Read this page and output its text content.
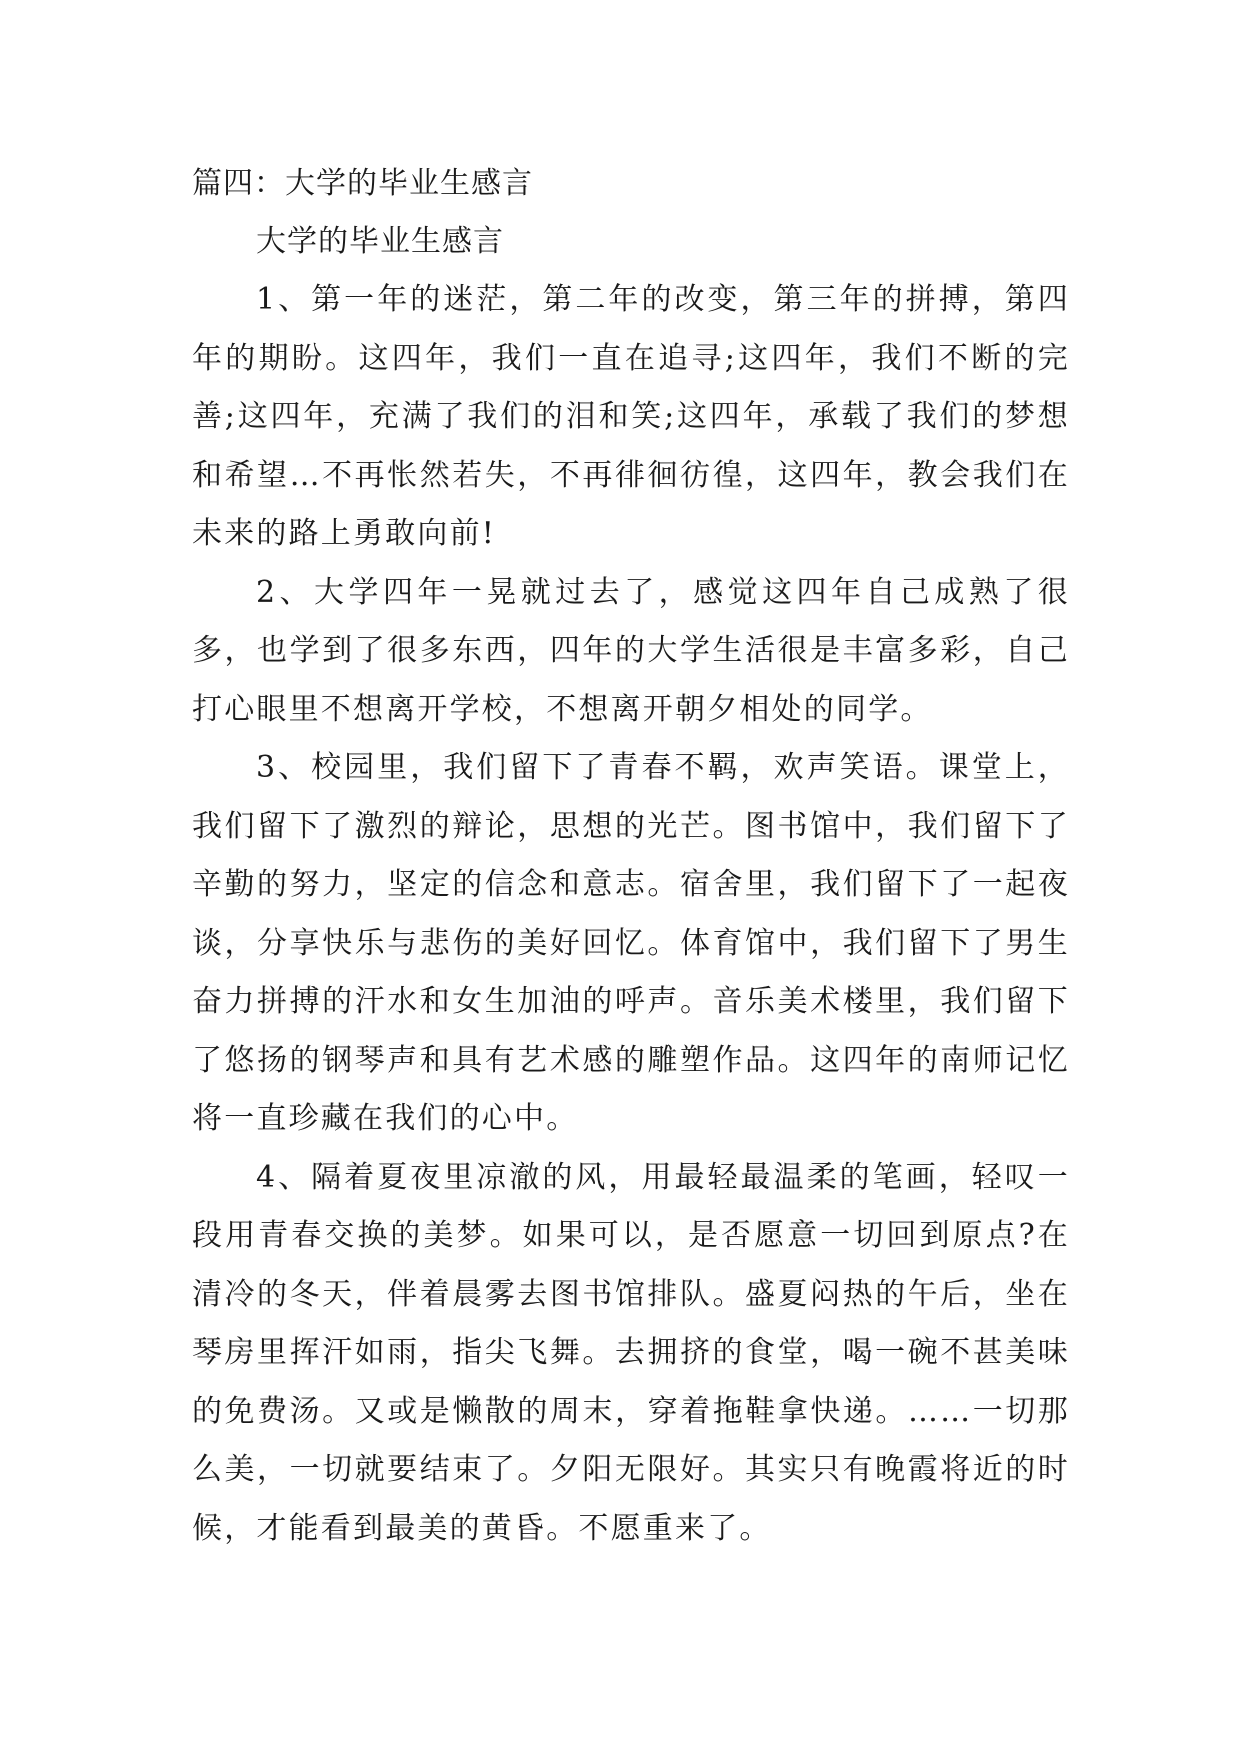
篇四：大学的毕业生感言

大学的毕业生感言

1、第一年的迷茫，第二年的改变，第三年的拼搏，第四年的期盼。这四年，我们一直在追寻;这四年，我们不断的完善;这四年，充满了我们的泪和笑;这四年，承载了我们的梦想和希望…不再怅然若失，不再徘徊彷徨，这四年，教会我们在未来的路上勇敢向前!

2、大学四年一晃就过去了，感觉这四年自己成熟了很多，也学到了很多东西，四年的大学生活很是丰富多彩，自己打心眼里不想离开学校，不想离开朝夕相处的同学。

3、校园里，我们留下了青春不羁，欢声笑语。课堂上，我们留下了激烈的辩论，思想的光芒。图书馆中，我们留下了辛勤的努力，坚定的信念和意志。宿舍里，我们留下了一起夜谈，分享快乐与悲伤的美好回忆。体育馆中，我们留下了男生奋力拼搏的汗水和女生加油的呼声。音乐美术楼里，我们留下了悠扬的钢琴声和具有艺术感的雕塑作品。这四年的南师记忆将一直珍藏在我们的心中。

4、隔着夏夜里凉澈的风，用最轻最温柔的笔画，轻叹一段用青春交换的美梦。如果可以，是否愿意一切回到原点?在清冷的冬天，伴着晨雾去图书馆排队。盛夏闷热的午后，坐在琴房里挥汗如雨，指尖飞舞。去拥挤的食堂，喝一碗不甚美味的免费汤。又或是懒散的周末，穿着拖鞋拿快递。……一切那么美，一切就要结束了。夕阳无限好。其实只有晚霞将近的时候，才能看到最美的黄昏。不愿重来了。
